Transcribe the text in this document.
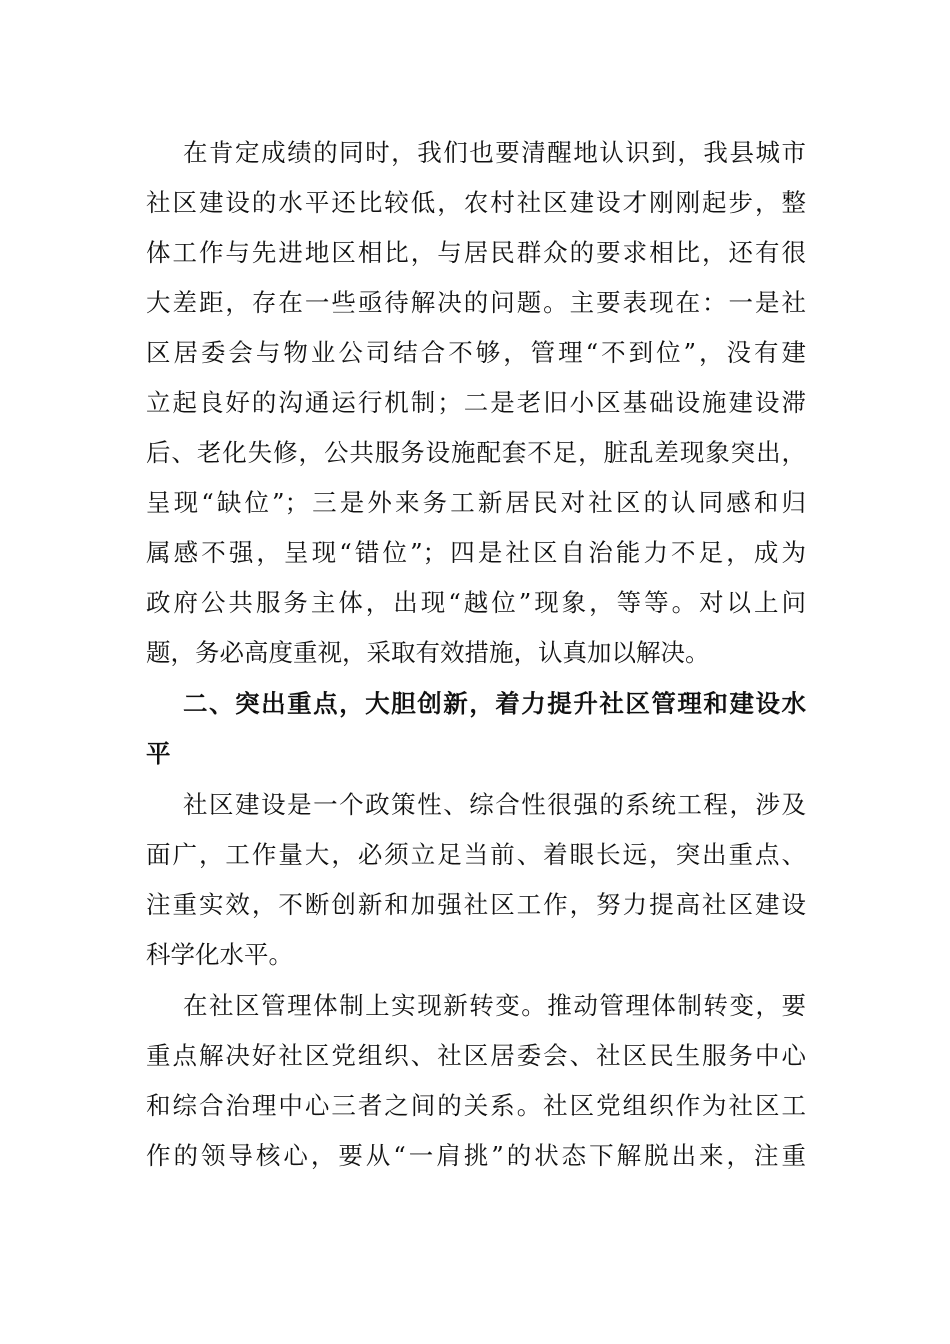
在肯定成绩的同时，我们也要清醒地认识到，我县城市
社区建设的水平还比较低，农村社区建设才刚刚起步，整
体工作与先进地区相比，与居民群众的要求相比，还有很
大差距，存在一些亟待解决的问题。主要表现在：一是社
区居委会与物业公司结合不够，管理“不到位”，没有建
立起良好的沟通运行机制；二是老旧小区基础设施建设滞
后、老化失修，公共服务设施配套不足，脏乱差现象突出，
呈现“缺位”；三是外来务工新居民对社区的认同感和归
属感不强，呈现“错位”；四是社区自治能力不足，成为
政府公共服务主体，出现“越位”现象，等等。对以上问
题，务必高度重视，采取有效措施，认真加以解决。
二、突出重点，大胆创新，着力提升社区管理和建设水
平
社区建设是一个政策性、综合性很强的系统工程，涉及
面广，工作量大，必须立足当前、着眼长远，突出重点、
注重实效，不断创新和加强社区工作，努力提高社区建设
科学化水平。
在社区管理体制上实现新转变。推动管理体制转变，要
重点解决好社区党组织、社区居委会、社区民生服务中心
和综合治理中心三者之间的关系。社区党组织作为社区工
作的领导核心，要从“一肩挑”的状态下解脱出来，注重
